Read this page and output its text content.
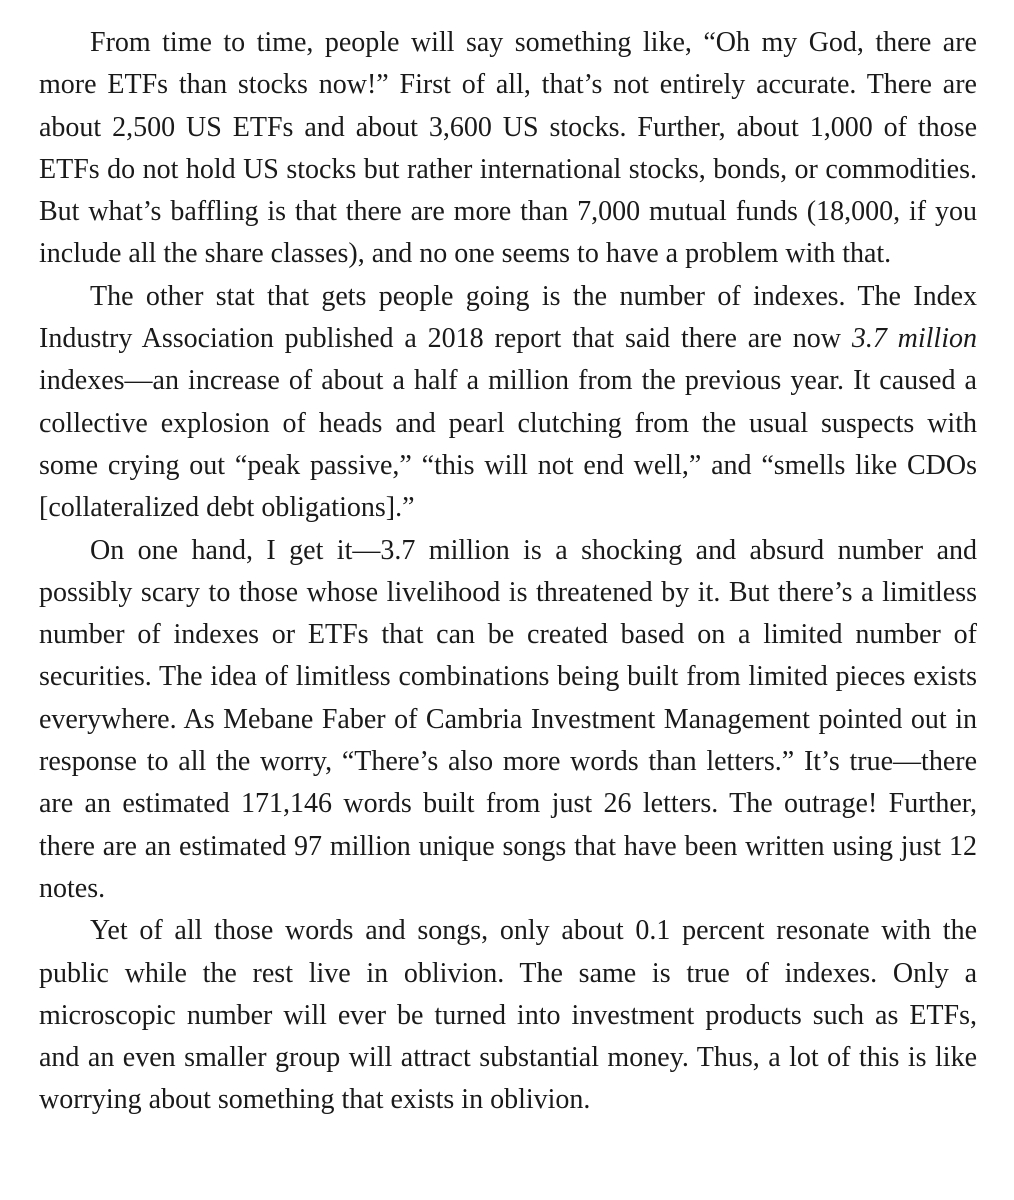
From time to time, people will say something like, “Oh my God, there are more ETFs than stocks now!” First of all, that’s not entirely accurate. There are about 2,500 US ETFs and about 3,600 US stocks. Further, about 1,000 of those ETFs do not hold US stocks but rather international stocks, bonds, or commodities. But what’s baffling is that there are more than 7,000 mutual funds (18,000, if you include all the share classes), and no one seems to have a problem with that.

The other stat that gets people going is the number of indexes. The Index Industry Association published a 2018 report that said there are now 3.7 million indexes—an increase of about a half a million from the previous year. It caused a collective explosion of heads and pearl clutching from the usual suspects with some crying out “peak passive,” “this will not end well,” and “smells like CDOs [collateralized debt obligations].”

On one hand, I get it—3.7 million is a shocking and absurd number and possibly scary to those whose livelihood is threatened by it. But there’s a limitless number of indexes or ETFs that can be created based on a limited number of securities. The idea of limitless combinations being built from limited pieces exists everywhere. As Mebane Faber of Cambria Investment Management pointed out in response to all the worry, “There’s also more words than letters.” It’s true—there are an estimated 171,146 words built from just 26 letters. The outrage! Further, there are an estimated 97 million unique songs that have been written using just 12 notes.

Yet of all those words and songs, only about 0.1 percent resonate with the public while the rest live in oblivion. The same is true of indexes. Only a microscopic number will ever be turned into investment products such as ETFs, and an even smaller group will attract substantial money. Thus, a lot of this is like worrying about something that exists in oblivion.
